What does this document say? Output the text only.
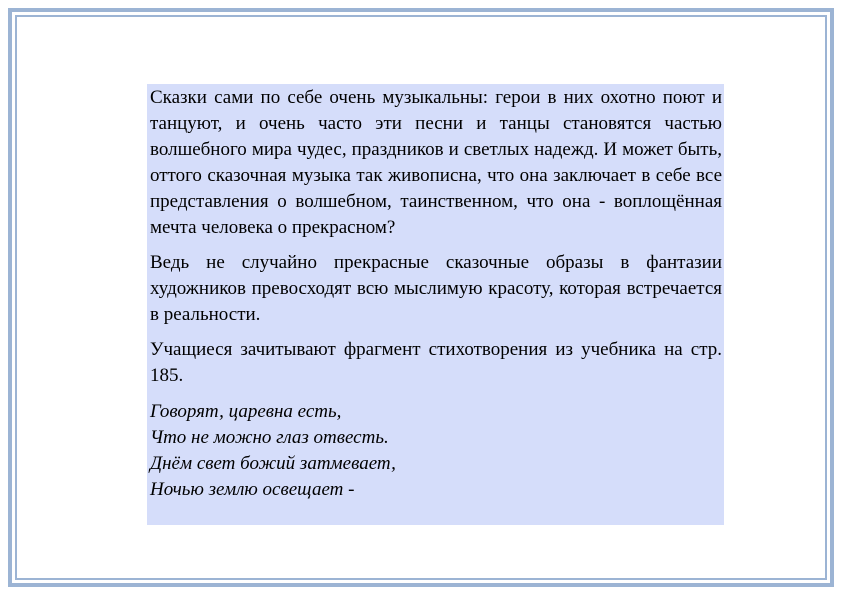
Сказки сами по себе очень музыкальны: герои в них охотно поют и танцуют, и очень часто эти песни и танцы становятся частью волшебного мира чудес, праздников и светлых надежд. И может быть, оттого сказочная музыка так живописна, что она заключает в себе все представления о волшебном, таинственном, что она - воплощённая мечта человека о прекрасном?

Ведь не случайно прекрасные сказочные образы в фантазии художников превосходят всю мыслимую красоту, которая встречается в реальности.

Учащиеся зачитывают фрагмент стихотворения из учебника на стр. 185.

Говорят, царевна есть,
Что не можно глаз отвесть.
Днём свет божий затмевает,
Ночью землю освещает -
